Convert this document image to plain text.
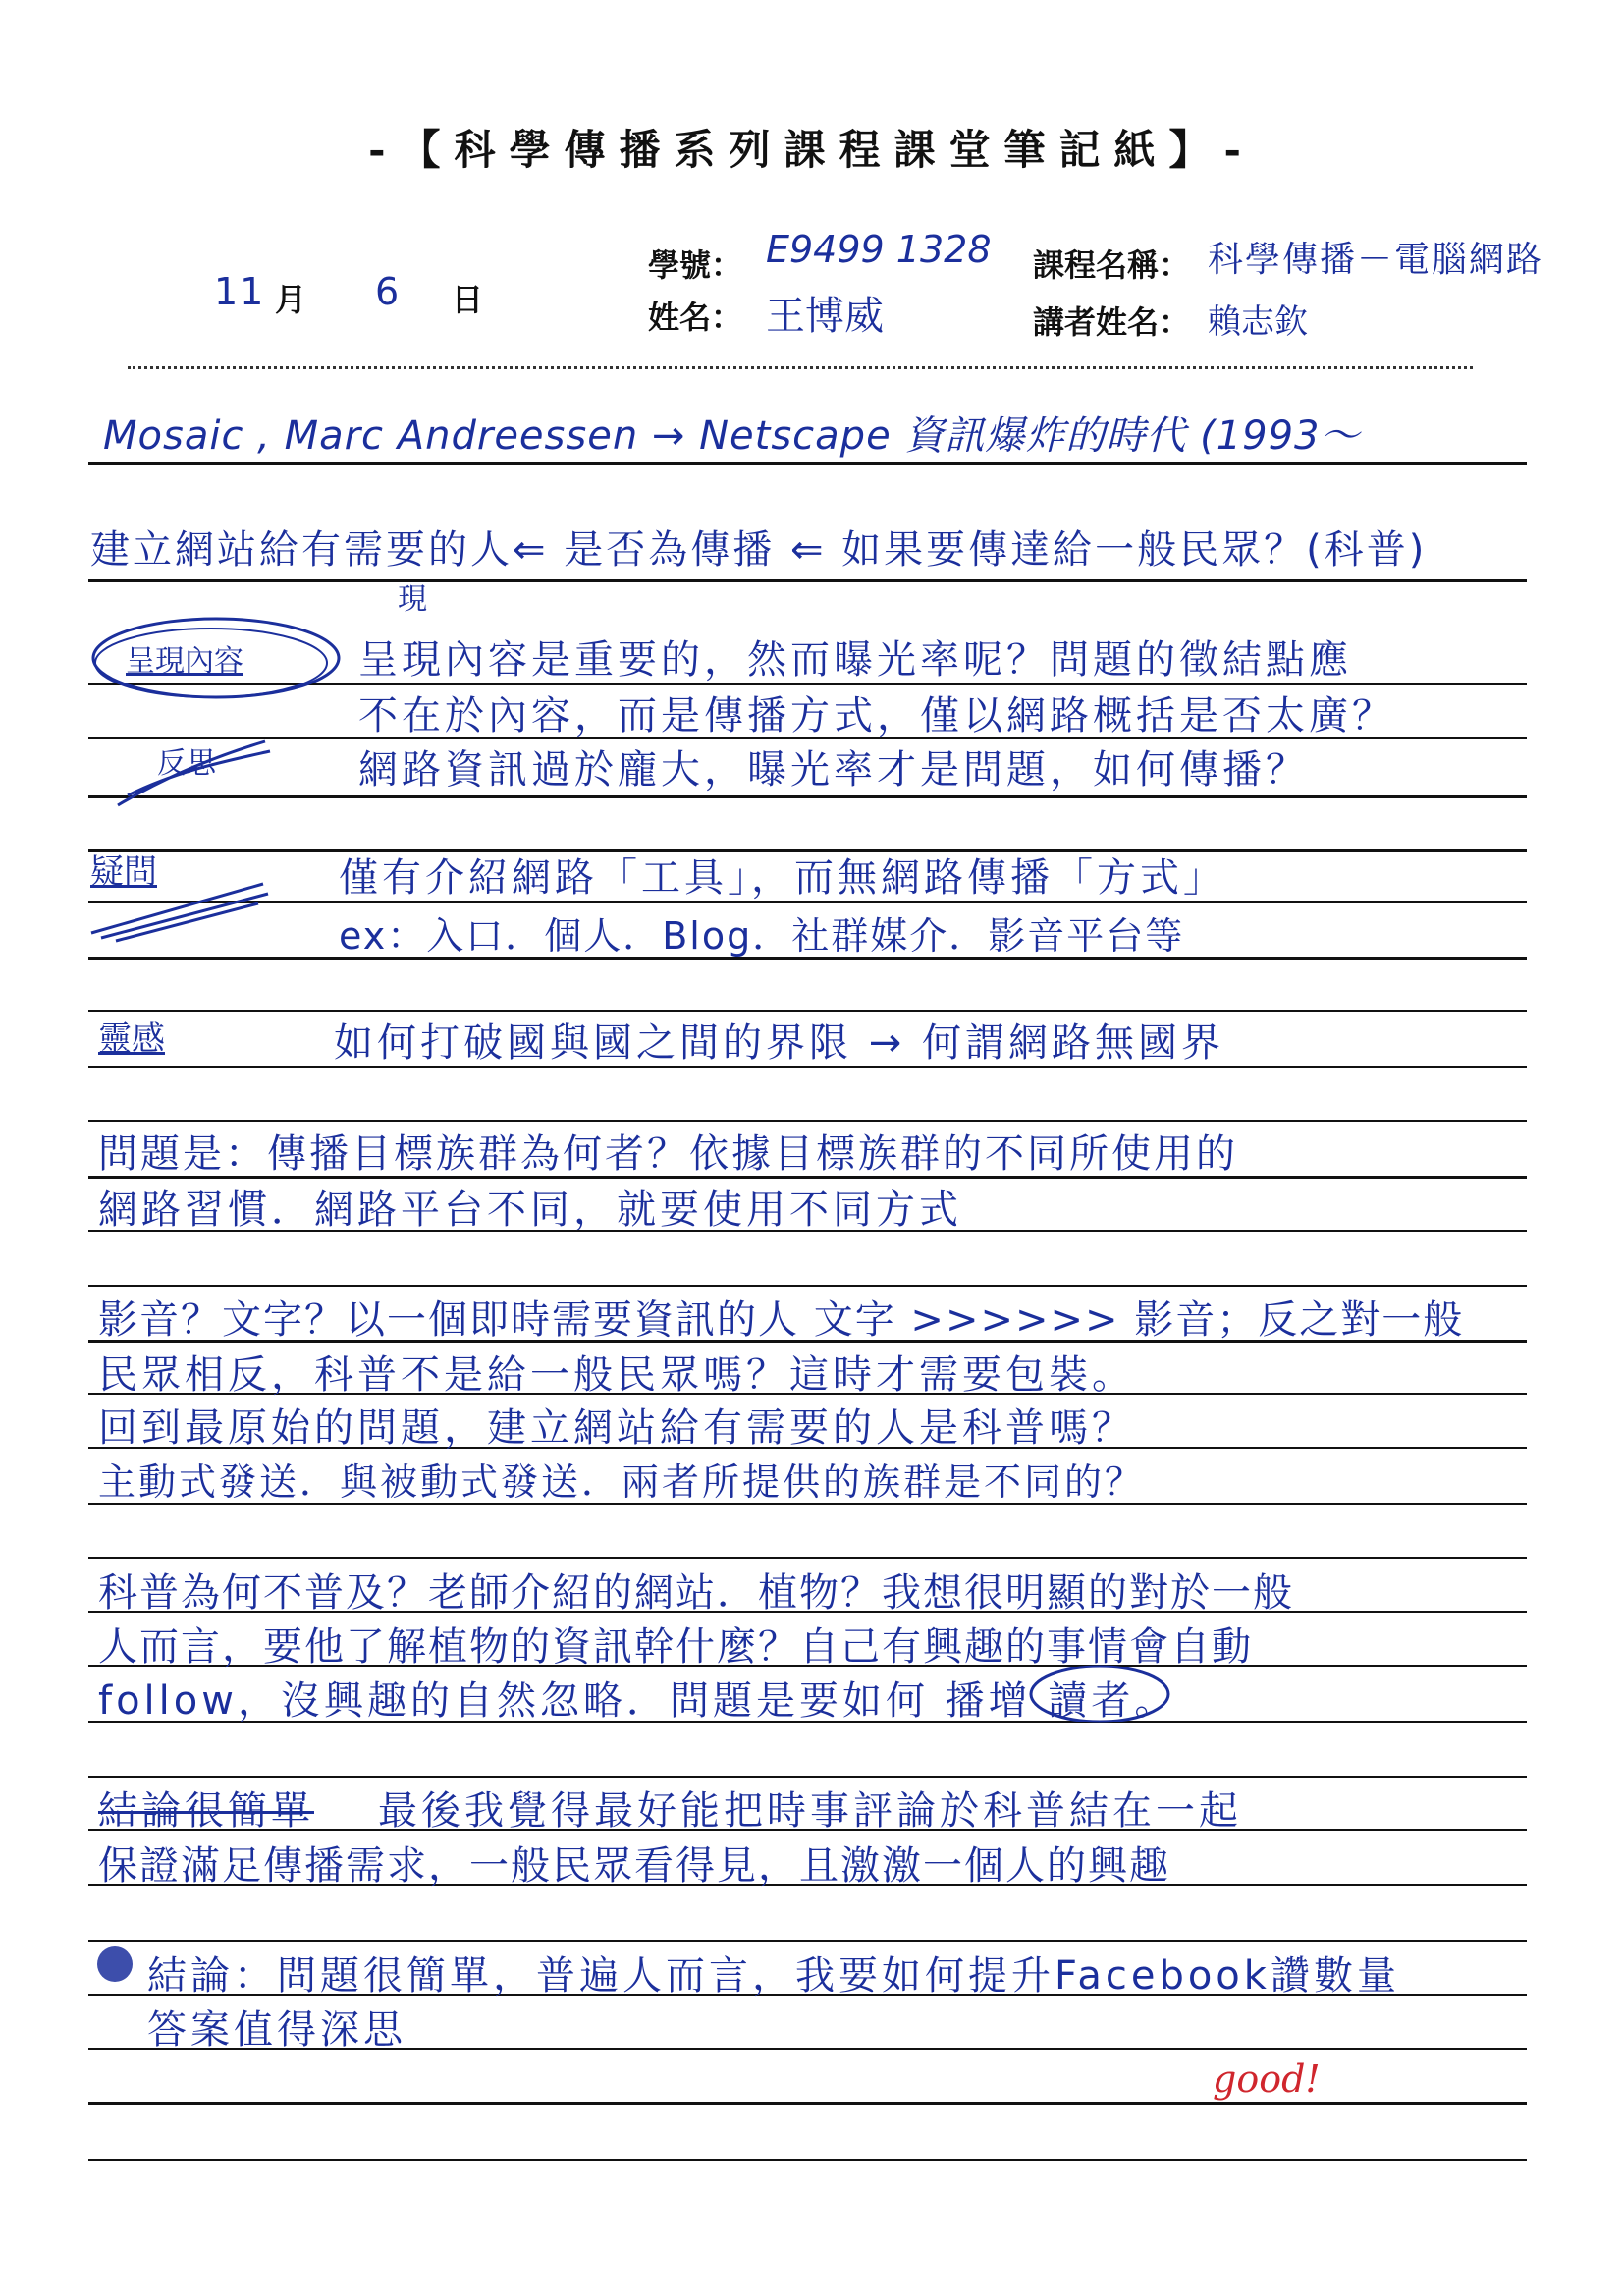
-【科學傳播系列課程課堂筆記紙】-
11 月 6 日
學號： E9499 1328
姓名： 王博威
課程名稱： 科學傳播－電腦網路
講者姓名： 賴志欽
Mosaic , Marc Andreessen → Netscape 資訊爆炸的時代 (1993～
建立網站給有需要的人⇐ 是否為傳播 ⇐ 如果要傳達給一般民眾？(科普)
現
呈現內容	呈現內容是重要的，然而曝光率呢？問題的徵結點應
不在於內容，而是傳播方式，僅以網路概括是否太廣？
反思	網路資訊過於龐大，曝光率才是問題，如何傳播？
疑問	僅有介紹網路「工具」，而無網路傳播「方式」
ex：入口．個人．Blog．社群媒介．影音平台等
靈感	如何打破國與國之間的界限 → 何謂網路無國界
問題是：傳播目標族群為何者？依據目標族群的不同所使用的
網路習慣．網路平台不同，就要使用不同方式
影音？文字？以一個即時需要資訊的人 文字 >>>>>> 影音；反之對一般
民眾相反，科普不是給一般民眾嗎？這時才需要包裝。
回到最原始的問題，建立網站給有需要的人是科普嗎？
主動式發送．與被動式發送．兩者所提供的族群是不同的？
科普為何不普及？老師介紹的網站．植物？我想很明顯的對於一般
人而言，要他了解植物的資訊幹什麼？自己有興趣的事情會自動
follow，沒興趣的自然忽略．問題是要如何 播增 讀者。
結論很簡單 最後我覺得最好能把時事評論於科普結在一起
保證滿足傳播需求，一般民眾看得見，且激激一個人的興趣
結論：問題很簡單，普遍人而言，我要如何提升Facebook讚數量
答案值得深思
good!
